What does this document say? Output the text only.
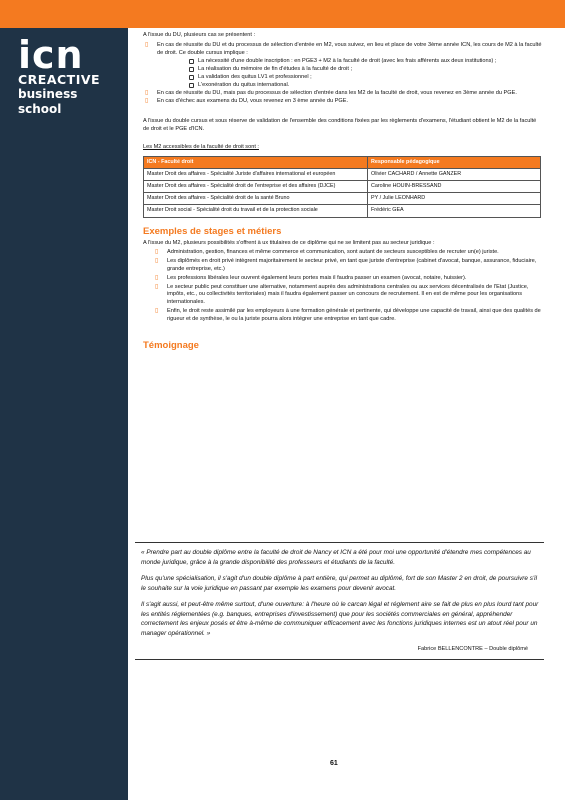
icn
CREACTIVE
business
school
A l'issue du DU, plusieurs cas se présentent :
▯ En cas de réussite du DU et du processus de sélection d'entrée en M2, vous suivez, en lieu et place de votre 3ème année ICN, les cours de M2 à la faculté de droit. Ce double cursus implique :
La nécessité d'une double inscription : en PGE3 + M2 à la faculté de droit (avec les frais afférents aux deux institutions) ;
La réalisation du mémoire de fin d'études à la faculté de droit ;
La validation des quitus LV1 et professionnel ;
L'exonération du quitus international.
▯ En cas de réussite du DU, mais pas du processus de sélection d'entrée dans les M2 de la faculté de droit, vous revenez en 3ème année du PGE.
▯ En cas d'échec aux examens du DU, vous revenez en 3 ème année du PGE.
A l'issue du double cursus et sous réserve de validation de l'ensemble des conditions fixées par les règlements d'examens, l'étudiant obtient le M2 de la faculté de droit et le PGE d'ICN.
Les M2 accessibles de la faculté de droit sont :
ICN - Faculté droit	Responsable pédagogique
Master Droit des affaires - Spécialité Juriste d'affaires international et européen	Olivier CACHARD / Annette GANZER
Master Droit des affaires - Spécialité droit de l'entreprise et des affaires (DJCE)	Caroline HOUIN-BRESSAND
Master Droit des affaires - Spécialité droit de la santé Bruno	PY / Julie LEONHARD
Master Droit social - Spécialité droit du travail et de la protection sociale	Frédéric GEA
Exemples de stages et métiers
A l'issue du M2, plusieurs possibilités s'offrent à ux titulaires de ce diplôme qui ne se limitent pas au secteur juridique :
▯ Administration, gestion, finances et même commerce et communication, sont autant de secteurs susceptibles de recruter un(e) juriste.
▯ Les diplômés en droit privé intègrent majoritairement le secteur privé, en tant que juriste d'entreprise (cabinet d'avocat, banque, assurance, fiduciaire, grande entreprise, etc.)
▯ Les professions libérales leur ouvrent également leurs portes mais il faudra passer un examen (avocat, notaire, huissier).
▯ Le secteur public peut constituer une alternative, notamment auprès des administrations centrales ou aux services décentralisés de l'Etat (Justice, impôts, etc., ou collectivités territoriales) mais il faudra également passer un concours de recrutement. Il en est de même pour les organisations internationales.
▯ Enfin, le droit reste assimilé par les employeurs à une formation générale et pertinente, qui développe une capacité de travail, ainsi que des qualités de rigueur et de synthèse, le ou la juriste pourra alors intégrer une entreprise en tant que cadre.
Témoignage
« Prendre part au double diplôme entre la faculté de droit de Nancy et ICN a été pour moi une opportunité d'étendre mes compétences au monde juridique, grâce à la grande disponibilité des professeurs et étudiants de la faculté.
Plus qu'une spécialisation, il s'agit d'un double diplôme à part entière, qui permet au diplômé, fort de son Master 2 en droit, de poursuivre s'il le souhaite sur la voie juridique en passant par exemple les examens pour devenir avocat.
Il s'agit aussi, et peut-être même surtout, d'une ouverture: à l'heure où le carcan légal et réglement aire se fait de plus en plus lourd tant pour les entités réglementées (e.g. banques, entreprises d'investissement) que pour les sociétés commerciales en général, appréhender correctement les enjeux posés et être à-même de communiquer efficacement avec les fonctions juridiques internes est un atout réel pour un manager opérationnel. »
Fabrice BELLENCONTRE – Double diplômé
61
